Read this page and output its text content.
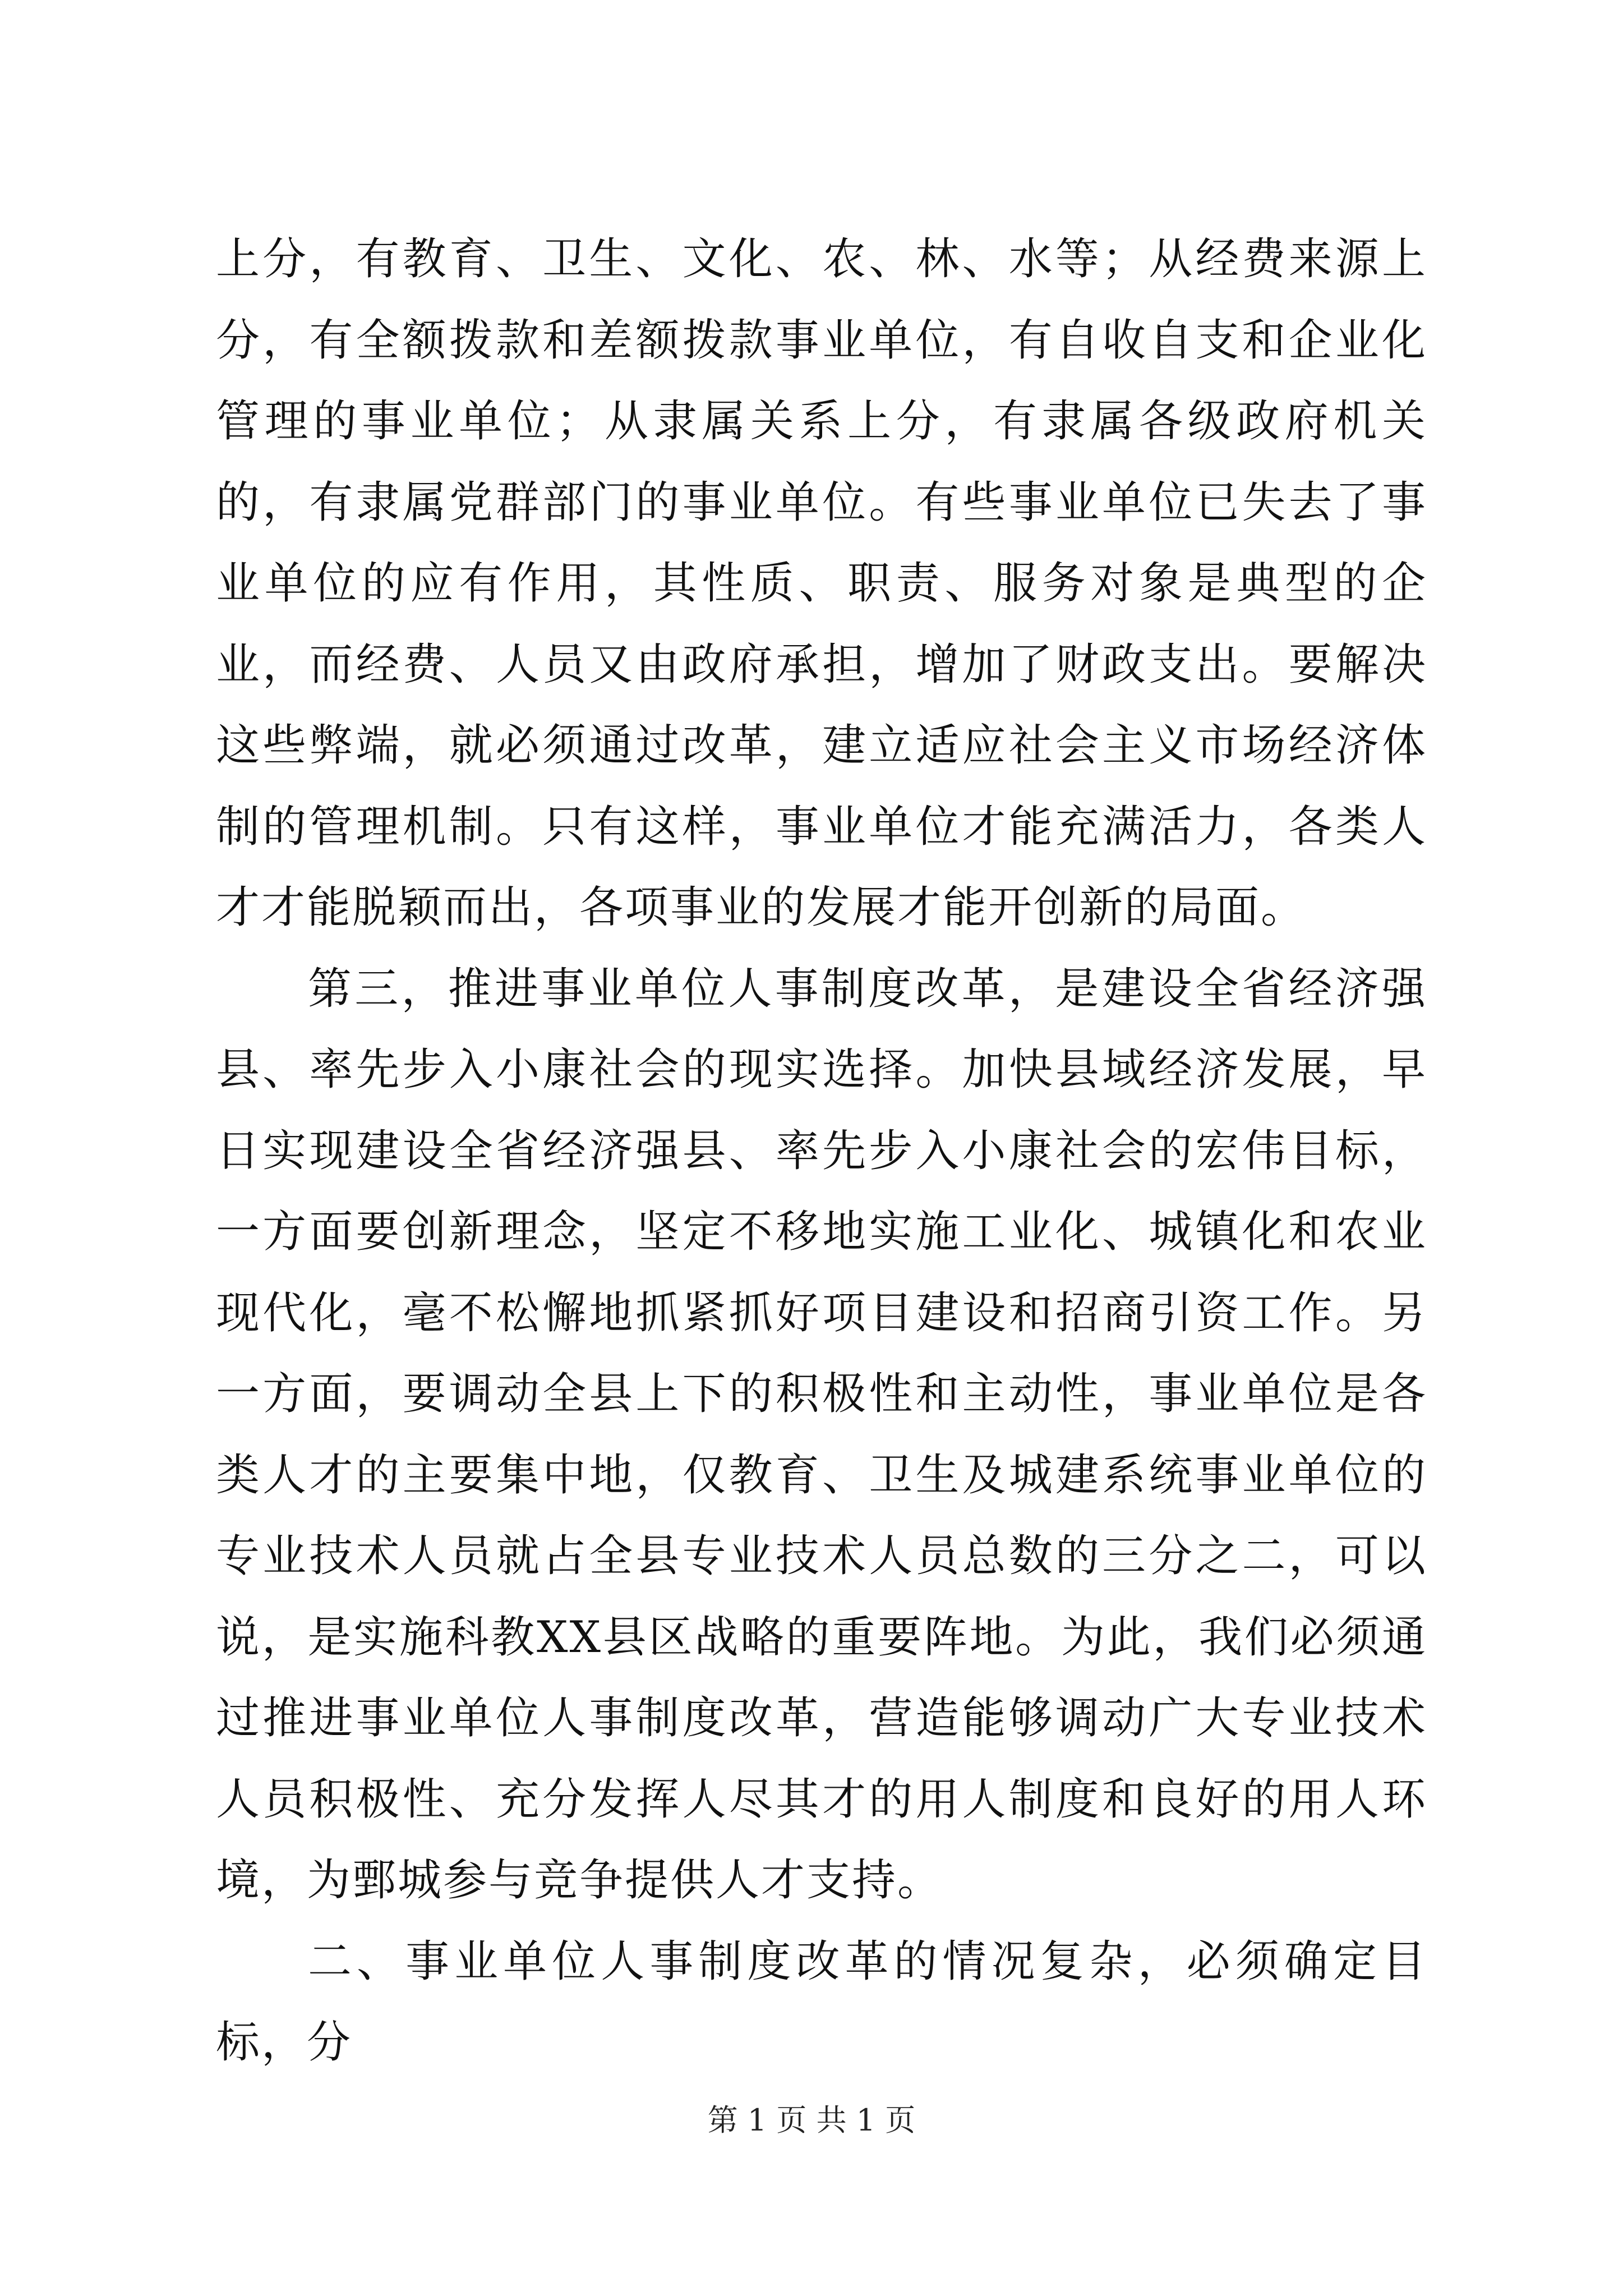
上分，有教育、卫生、文化、农、林、水等；从经费来源上分，有全额拨款和差额拨款事业单位，有自收自支和企业化管理的事业单位；从隶属关系上分，有隶属各级政府机关的，有隶属党群部门的事业单位。有些事业单位已失去了事业单位的应有作用，其性质、职责、服务对象是典型的企业，而经费、人员又由政府承担，增加了财政支出。要解决这些弊端，就必须通过改革，建立适应社会主义市场经济体制的管理机制。只有这样，事业单位才能充满活力，各类人才才能脱颖而出，各项事业的发展才能开创新的局面。

第三，推进事业单位人事制度改革，是建设全省经济强县、率先步入小康社会的现实选择。加快县域经济发展，早日实现建设全省经济强县、率先步入小康社会的宏伟目标，一方面要创新理念，坚定不移地实施工业化、城镇化和农业现代化，毫不松懈地抓紧抓好项目建设和招商引资工作。另一方面，要调动全县上下的积极性和主动性，事业单位是各类人才的主要集中地，仅教育、卫生及城建系统事业单位的专业技术人员就占全县专业技术人员总数的三分之二，可以说，是实施科教XX县区战略的重要阵地。为此，我们必须通过推进事业单位人事制度改革，营造能够调动广大专业技术人员积极性、充分发挥人尽其才的用人制度和良好的用人环境，为鄄城参与竞争提供人才支持。

二、事业单位人事制度改革的情况复杂，必须确定目标，分

第 1 页 共 1 页
